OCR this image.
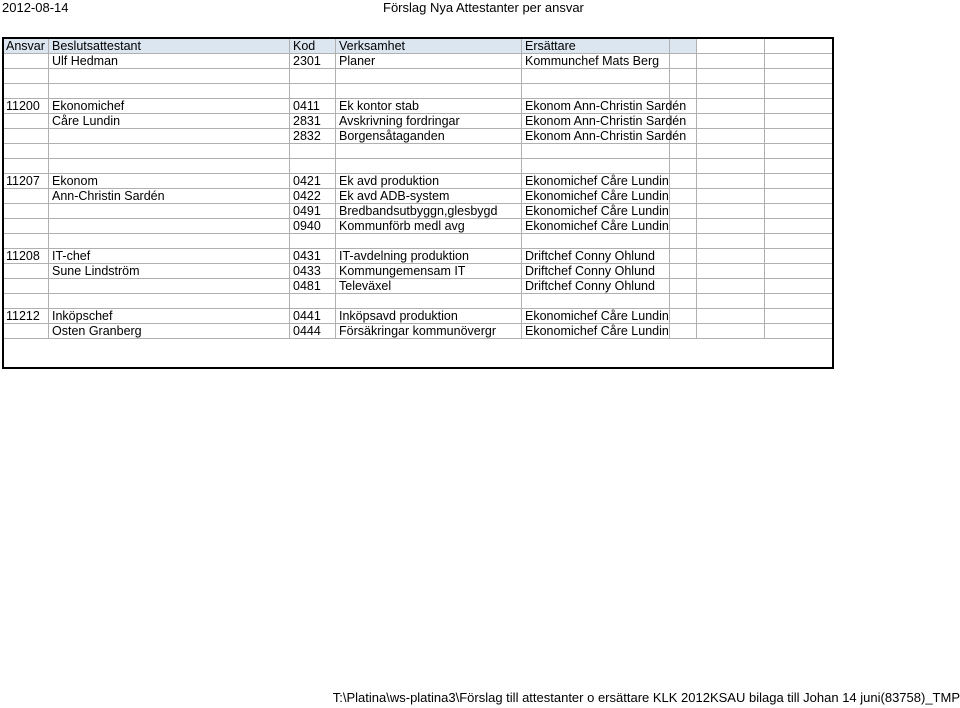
2012-08-14	Förslag Nya Attestanter per ansvar
Ansvar	Beslutsattestant	Kod	Verksamhet	Ersättare			
	Ulf Hedman	2301	Planer	Kommunchef Mats Berg			

11200	Ekonomichef	0411	Ek kontor stab	Ekonom Ann-Christin Sardén			
	Cåre Lundin	2831	Avskrivning fordringar	Ekonom Ann-Christin Sardén			
		2832	Borgensåtaganden	Ekonom Ann-Christin Sardén			

11207	Ekonom	0421	Ek avd produktion	Ekonomichef Cåre Lundin			
	Ann-Christin Sardén	0422	Ek avd ADB-system	Ekonomichef Cåre Lundin			
		0491	Bredbandsutbyggn,glesbygd	Ekonomichef Cåre Lundin			
		0940	Kommunförb medl avg	Ekonomichef Cåre Lundin			

11208	IT-chef	0431	IT-avdelning produktion	Driftchef Conny Ohlund			
	Sune Lindström	0433	Kommungemensam IT	Driftchef Conny Ohlund			
		0481	Televäxel	Driftchef Conny Ohlund			

11212	Inköpschef	0441	Inköpsavd produktion	Ekonomichef Cåre Lundin			
	Osten Granberg	0444	Försäkringar kommunövergr	Ekonomichef Cåre Lundin			
T:\Platina\ws-platina3\Förslag till attestanter o ersättare KLK 2012KSAU bilaga till Johan 14 juni(83758)_TMP
